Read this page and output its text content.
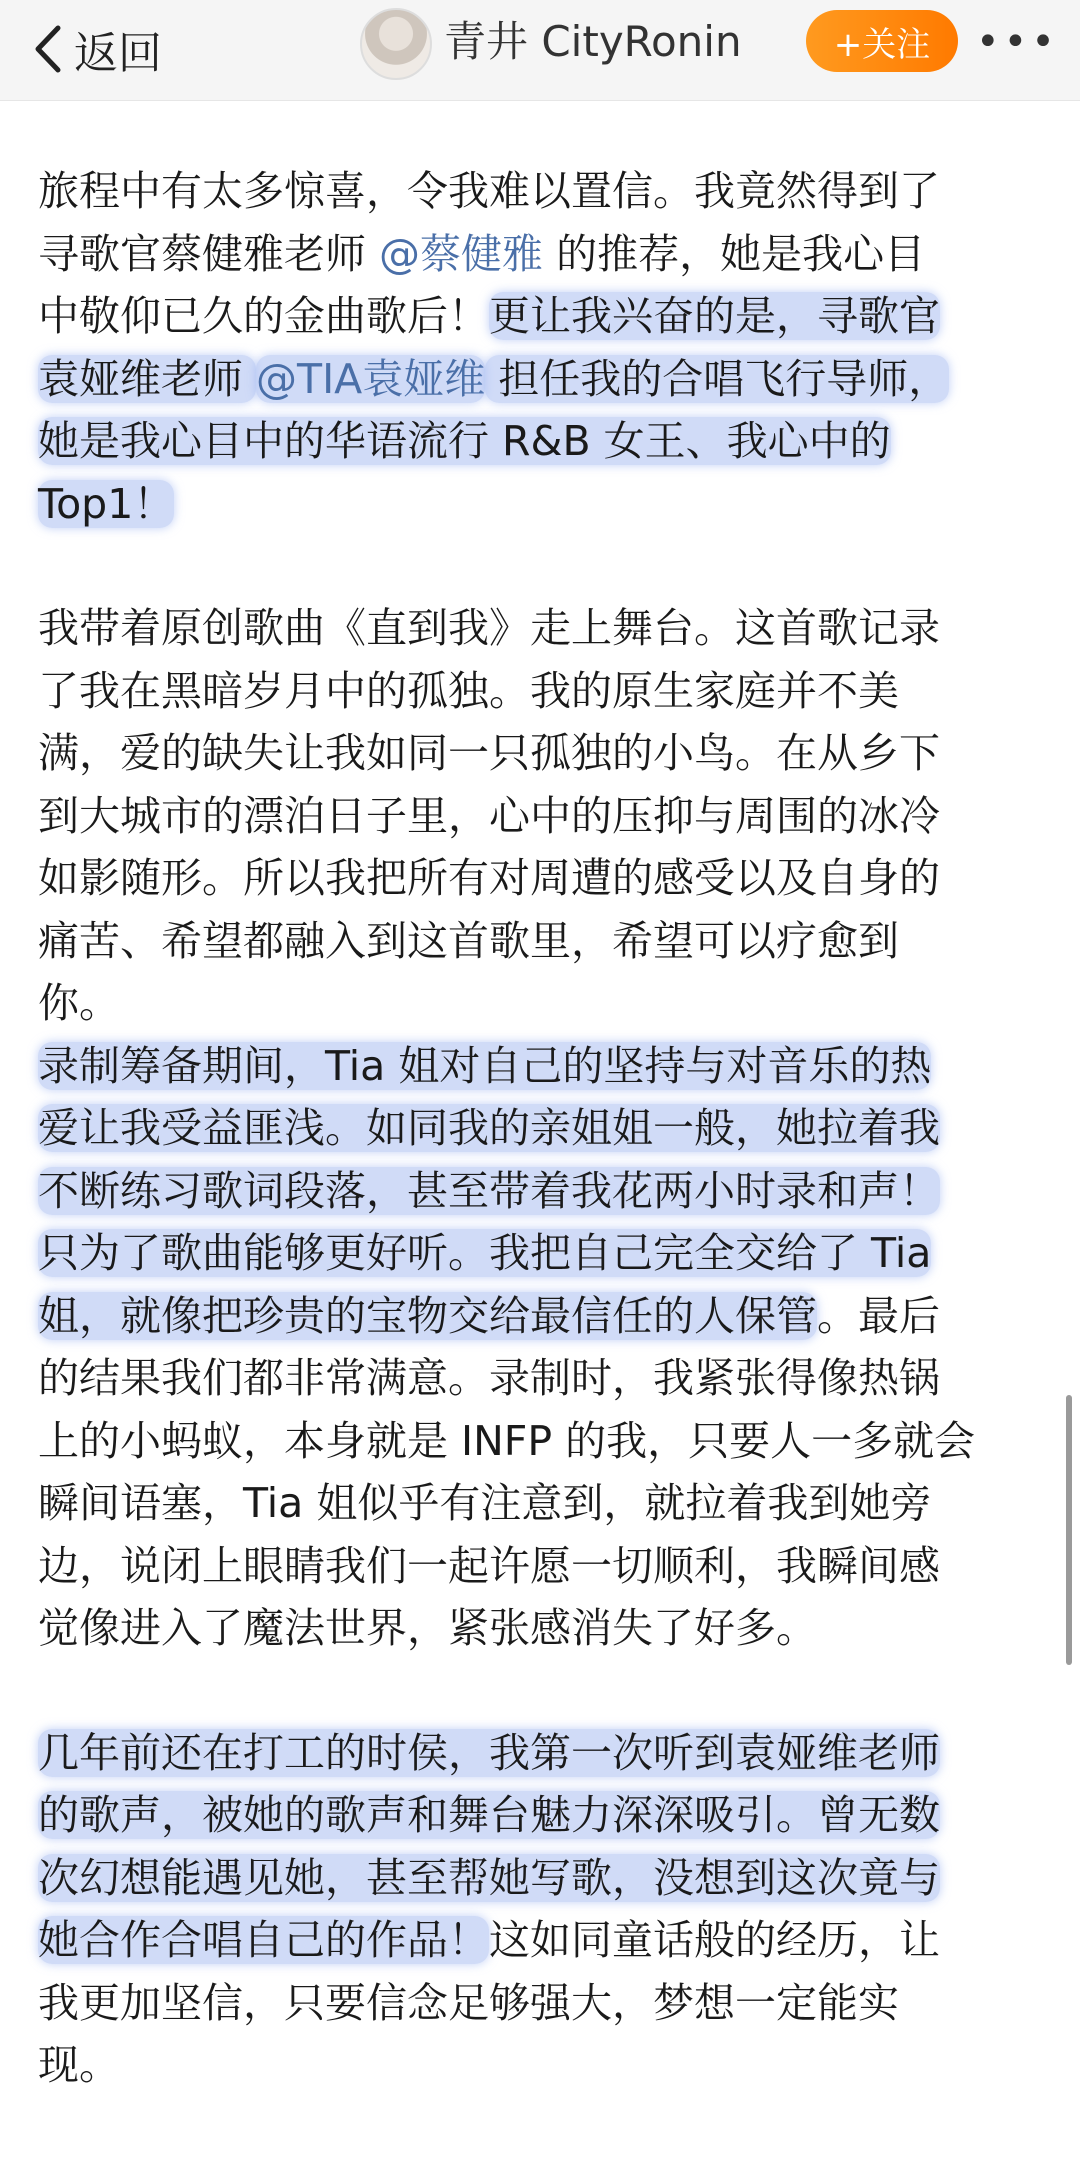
返回	青井 CityRonin	+关注	•••
旅程中有太多惊喜，令我难以置信。我竟然得到了
寻歌官蔡健雅老师 @蔡健雅 的推荐，她是我心目
中敬仰已久的金曲歌后！更让我兴奋的是，寻歌官
袁娅维老师 @TIA袁娅维 担任我的合唱飞行导师，
她是我心目中的华语流行 R&B 女王、我心中的
Top1！
我带着原创歌曲《直到我》走上舞台。这首歌记录
了我在黑暗岁月中的孤独。我的原生家庭并不美
满，爱的缺失让我如同一只孤独的小鸟。在从乡下
到大城市的漂泊日子里，心中的压抑与周围的冰冷
如影随形。所以我把所有对周遭的感受以及自身的
痛苦、希望都融入到这首歌里，希望可以疗愈到
你。
录制筹备期间，Tia 姐对自己的坚持与对音乐的热
爱让我受益匪浅。如同我的亲姐姐一般，她拉着我
不断练习歌词段落，甚至带着我花两小时录和声！
只为了歌曲能够更好听。我把自己完全交给了 Tia
姐，就像把珍贵的宝物交给最信任的人保管。最后
的结果我们都非常满意。录制时，我紧张得像热锅
上的小蚂蚁，本身就是 INFP 的我，只要人一多就会
瞬间语塞，Tia 姐似乎有注意到，就拉着我到她旁
边，说闭上眼睛我们一起许愿一切顺利，我瞬间感
觉像进入了魔法世界，紧张感消失了好多。
几年前还在打工的时侯，我第一次听到袁娅维老师
的歌声，被她的歌声和舞台魅力深深吸引。曾无数
次幻想能遇见她，甚至帮她写歌，没想到这次竟与
她合作合唱自己的作品！这如同童话般的经历，让
我更加坚信，只要信念足够强大，梦想一定能实
现。
